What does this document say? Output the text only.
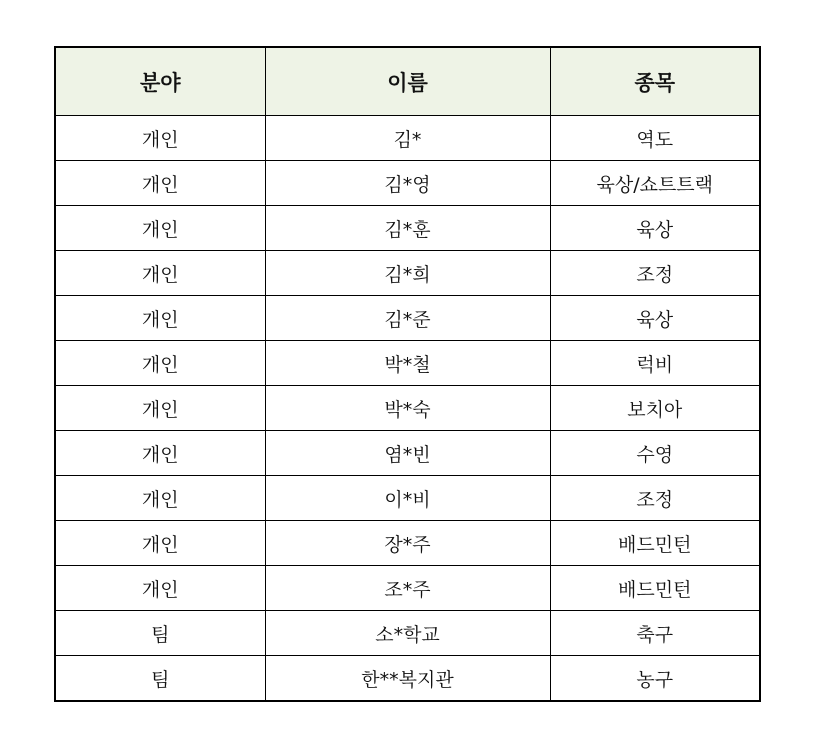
분야	이름	종목
개인	김*	역도
개인	김*영	육상/쇼트트랙
개인	김*훈	육상
개인	김*희	조정
개인	김*준	육상
개인	박*철	럭비
개인	박*숙	보치아
개인	염*빈	수영
개인	이*비	조정
개인	장*주	배드민턴
개인	조*주	배드민턴
팀	소*학교	축구
팀	한**복지관	농구
